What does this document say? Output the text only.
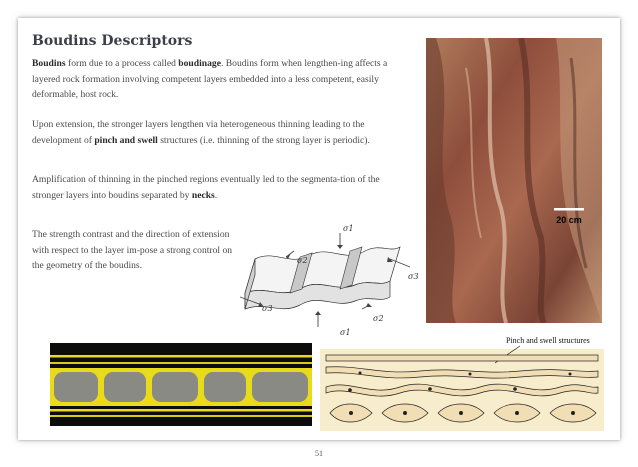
Boudins Descriptors
Boudins form due to a process called boudinage. Boudins form when lengthen-ing affects a layered rock formation involving competent layers embedded into a less competent, easily deformable, host rock.
Upon extension, the stronger layers lengthen via heterogeneous thinning leading to the development of pinch and swell structures (i.e. thinning of the strong layer is periodic).
Amplification of thinning in the pinched regions eventually led to the segmenta-tion of the stronger layers into boudins separated by necks.
The strength contrast and the direction of extension with respect to the layer im-pose a strong control on the geometry of the boudins.
20 cm
σ1
σ2
σ3
σ3
σ2
σ1
Pinch and swell structures
51
